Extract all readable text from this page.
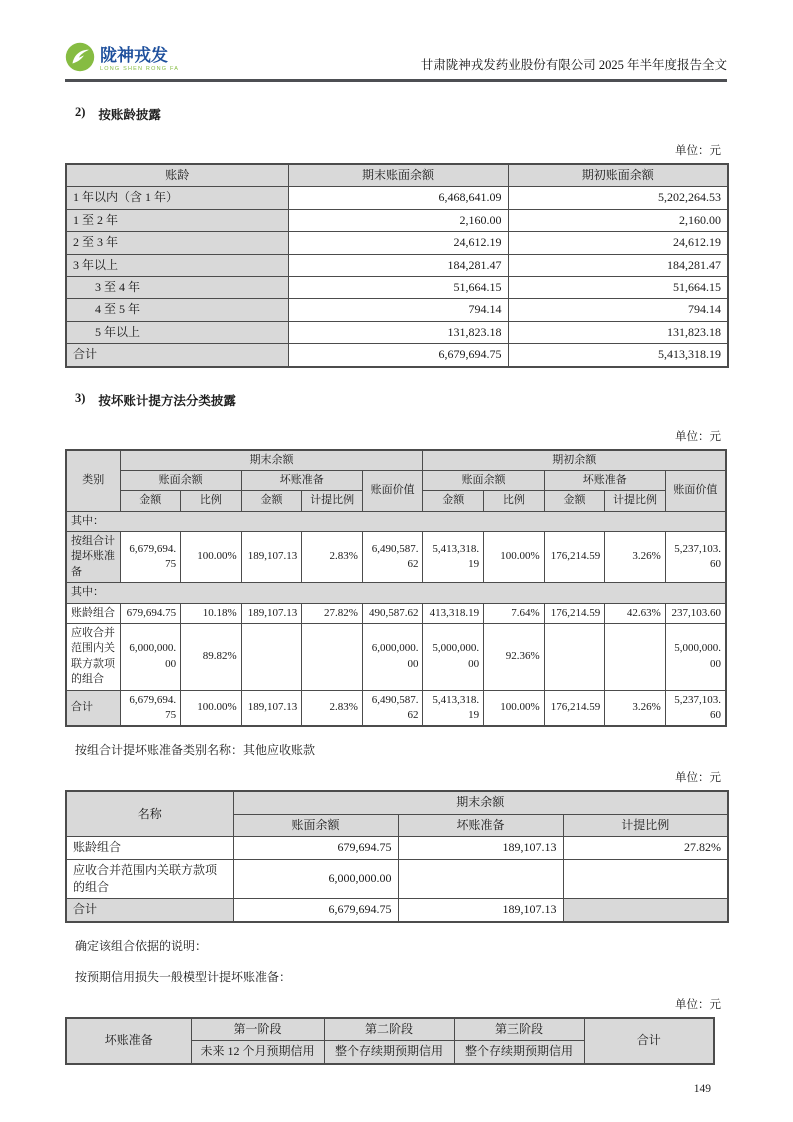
陇神戎发
LONG SHEN RONG FA	甘肃陇神戎发药业股份有限公司 2025 年半年度报告全文
2) 按账龄披露
单位：元
账龄	期末账面余额	期初账面余额
1 年以内（含 1 年）	6,468,641.09	5,202,264.53
1 至 2 年	2,160.00	2,160.00
2 至 3 年	24,612.19	24,612.19
3 年以上	184,281.47	184,281.47
3 至 4 年	51,664.15	51,664.15
4 至 5 年	794.14	794.14
5 年以上	131,823.18	131,823.18
合计	6,679,694.75	5,413,318.19
3) 按坏账计提方法分类披露
单位：元
类别	期末余额					期初余额				
	账面余额		坏账准备		账面价值	账面余额		坏账准备		账面价值
	金额	比例	金额	计提比例		金额	比例	金额	计提比例	
其中：										
按组合计提坏账准备	6,679,694.75	100.00%	189,107.13	2.83%	6,490,587.62	5,413,318.19	100.00%	176,214.59	3.26%	5,237,103.60
其中：										
账龄组合	679,694.75	10.18%	189,107.13	27.82%	490,587.62	413,318.19	7.64%	176,214.59	42.63%	237,103.60
应收合并范围内关联方款项的组合	6,000,000.00	89.82%			6,000,000.00	5,000,000.00	92.36%			5,000,000.00
合计	6,679,694.75	100.00%	189,107.13	2.83%	6,490,587.62	5,413,318.19	100.00%	176,214.59	3.26%	5,237,103.60
按组合计提坏账准备类别名称：其他应收账款
单位：元
名称	期末余额		
	账面余额	坏账准备	计提比例
账龄组合	679,694.75	189,107.13	27.82%
应收合并范围内关联方款项的组合	6,000,000.00		
合计	6,679,694.75	189,107.13	
确定该组合依据的说明：
按预期信用损失一般模型计提坏账准备：
单位：元
坏账准备	第一阶段	第二阶段	第三阶段	合计
	未来 12 个月预期信用	整个存续期预期信用	整个存续期预期信用	
149
